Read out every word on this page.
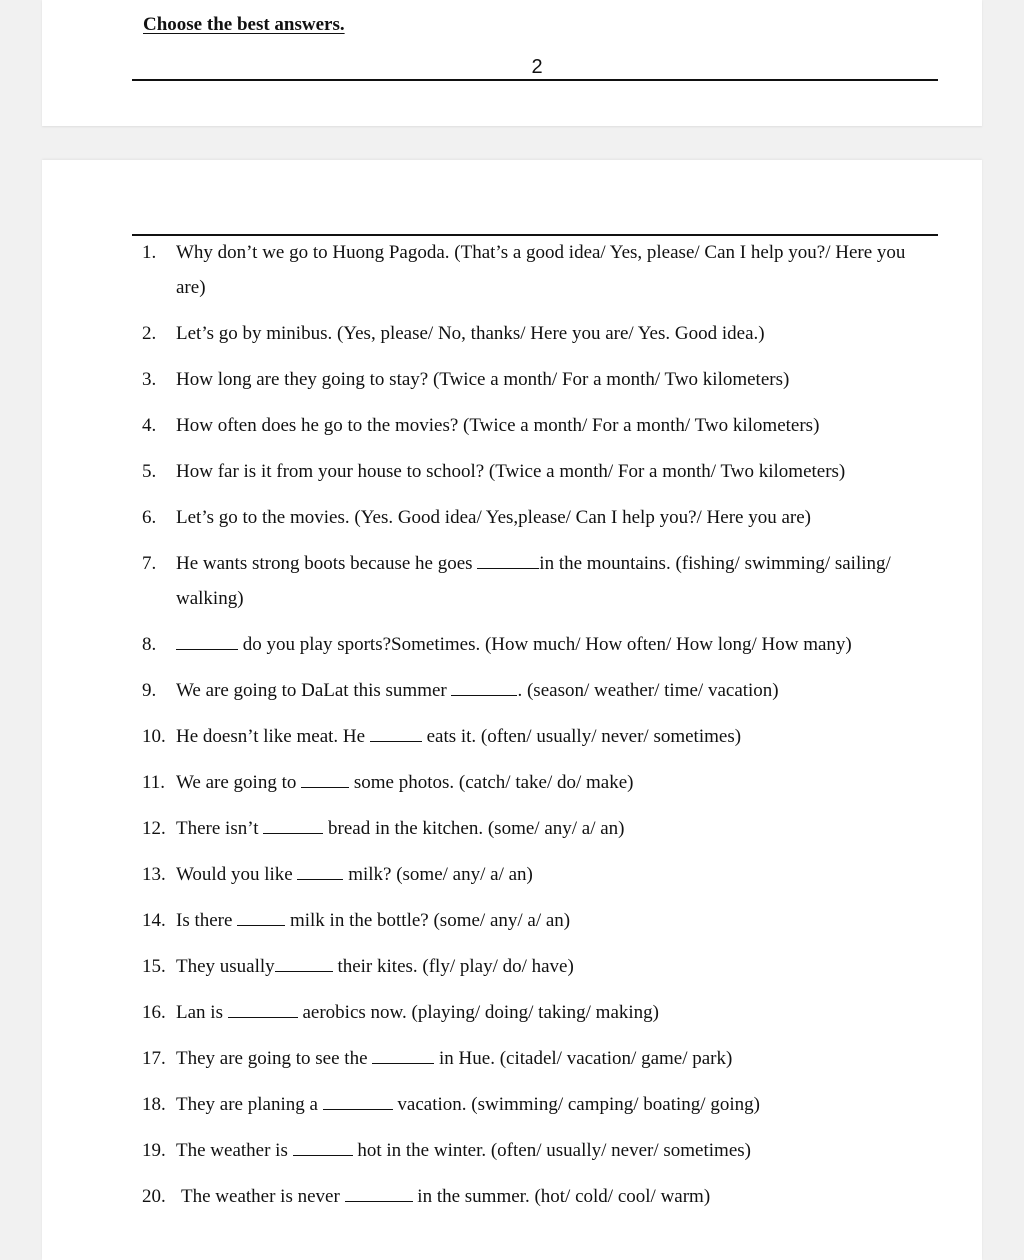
Choose the best answers.
2
1. Why don’t we go to Huong Pagoda. (That’s a good idea/ Yes, please/ Can I help you?/ Here you are)
2. Let’s go by minibus. (Yes, please/ No, thanks/ Here you are/ Yes. Good idea.)
3. How long are they going to stay? (Twice a month/ For a month/ Two kilometers)
4. How often does he go to the movies? (Twice a month/ For a month/ Two kilometers)
5. How far is it from your house to school? (Twice a month/ For a month/ Two kilometers)
6. Let’s go to the movies. (Yes. Good idea/ Yes,please/ Can I help you?/ Here you are)
7. He wants strong boots because he goes	in the mountains. (fishing/ swimming/ sailing/ walking)
8.	do you play sports?Sometimes. (How much/ How often/ How long/ How many)
9. We are going to DaLat this summer	. (season/ weather/ time/ vacation)
10. He doesn’t like meat. He	eats it. (often/ usually/ never/ sometimes)
11. We are going to	some photos. (catch/ take/ do/ make)
12. There isn’t	bread in the kitchen. (some/ any/ a/ an)
13. Would you like  milk? (some/ any/ a/ an)
14. Is there	milk in the bottle? (some/ any/ a/ an)
15. They usually	their kites. (fly/ play/ do/ have)
16. Lan is	aerobics now. (playing/ doing/ taking/ making)
17. They are going to see the	in Hue. (citadel/ vacation/ game/ park)
18. They are planing a	vacation. (swimming/ camping/ boating/ going)
19. The weather is	hot in the winter. (often/ usually/ never/ sometimes)
20. The weather is never	in the summer. (hot/ cold/ cool/ warm)
